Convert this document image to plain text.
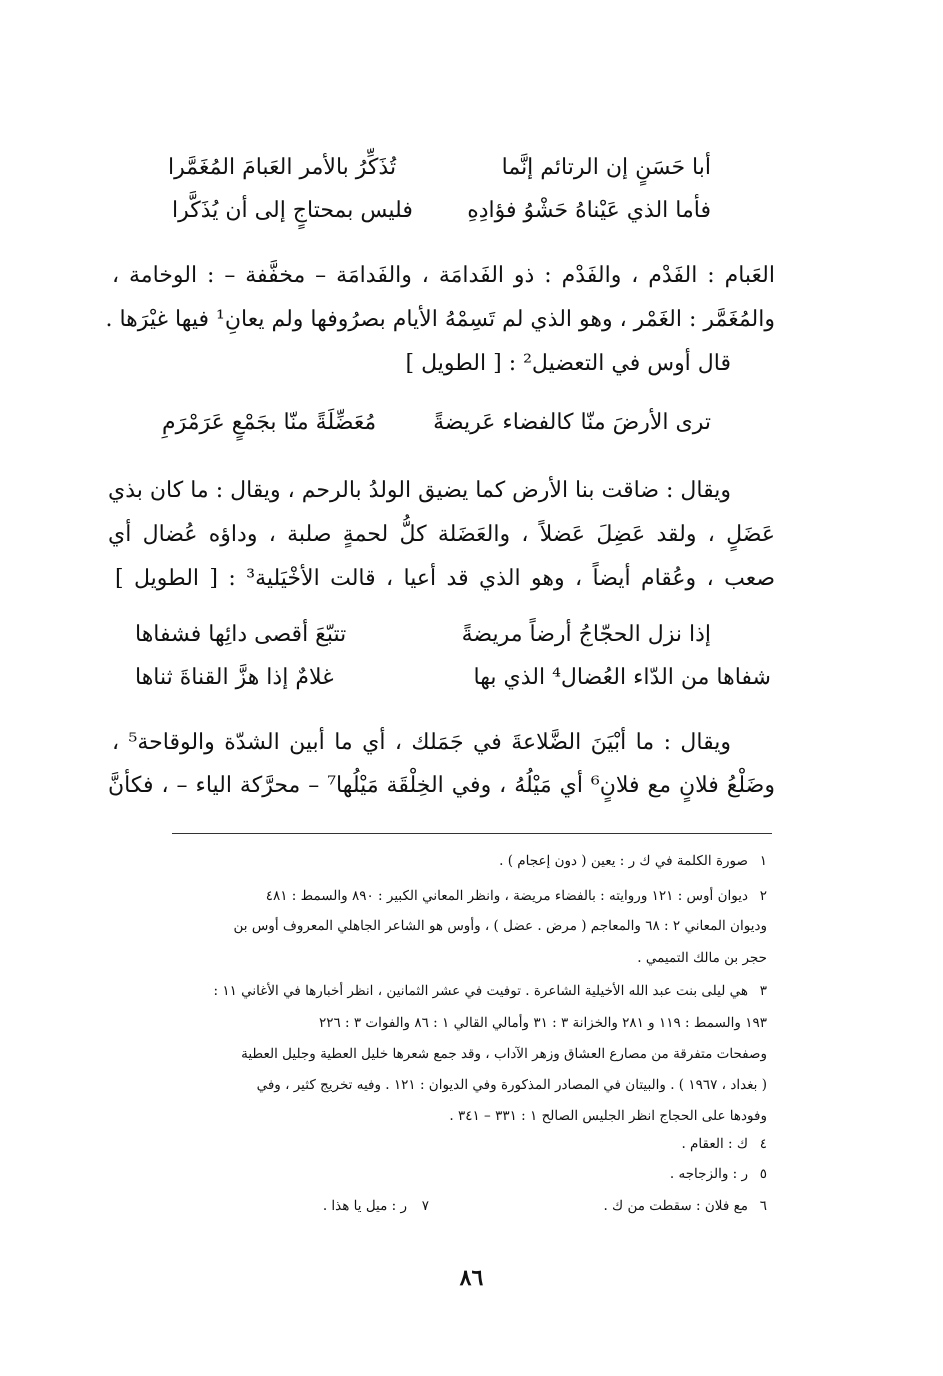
أبا حَسَنٍ إن الرتائم إنَّما
تُذَكِّرُ بالأمر العَبامَ المُغَمَّرا
فأما الذي عَيْناهُ حَشْوُ فؤادِهِ
فليس بمحتاجٍ إلى أن يُذَكَّرا
العَبام : الفَدْم ، والفَدْم : ذو الفَدامَة ، والفَدامَة – مخفَّفة – : الوخامة ،
والمُغَمَّر : الغَمْر ، وهو الذي لم تَسِمْهُ الأيام بصرُوفها ولم يعانِ¹ فيها غيْرَها .
قال أوس في التعضيل² : [ الطويل ]
ترى الأرضَ منّا كالفضاء عَريضةً
مُعَضِّلَةً منّا بجَمْعٍ عَرَمْرَمِ
ويقال : ضاقت بنا الأرض كما يضيق الولدُ بالرحم ، ويقال : ما كان بذي
عَضَلٍ ، ولقد عَضِلَ عَضلاً ، والعَضَلة كلُّ لحمةٍ صلبة ، وداؤه عُضال أي
صعب ، وعُقام أيضاً ، وهو الذي قد أعيا ، قالت الأخْيَلية³ : [ الطويل ]
إذا نزل الحجّاجُ أرضاً مريضةً
تتبّعَ أقصى دائِها فشفاها
شفاها من الدّاء العُضال⁴ الذي بها
غلامٌ إذا هزَّ القناةَ ثناها
ويقال : ما أبْيَنَ الضَّلاعةَ في جَمَلك ، أي ما أبين الشدّة والوقاحة⁵ ،
وضَلْعُ فلانٍ مع فلانٍ⁶ أي مَيْلُهُ ، وفي الخِلْقَة مَيْلُها⁷ – محرَّكة الياء – ، فكأنَّ
١
صورة الكلمة في ك ر : يعين ( دون إعجام ) .
٢
ديوان أوس : ١٢١ وروايته : بالفضاء مريضة ، وانظر المعاني الكبير : ٨٩٠ والسمط : ٤٨١
وديوان المعاني ٢ : ٦٨ والمعاجم ( مرض . عضل ) ، وأوس هو الشاعر الجاهلي المعروف أوس بن
حجر بن مالك التميمي .
٣
هي ليلى بنت عبد الله الأخيلية الشاعرة . توفيت في عشر الثمانين ، انظر أخبارها في الأغاني ١١ :
١٩٣ والسمط : ١١٩ و ٢٨١ والخزانة ٣ : ٣١ وأمالي القالي ١ : ٨٦ والفوات ٣ : ٢٢٦
وصفحات متفرقة من مصارع العشاق وزهر الآداب ، وقد جمع شعرها خليل العطية وجليل العطية
( بغداد ، ١٩٦٧ ) . والبيتان في المصادر المذكورة وفي الديوان : ١٢١ . وفيه تخريج كثير ، وفي
وفودها على الحجاج انظر الجليس الصالح ١ : ٣٣١ – ٣٤١ .
٤
ك : العقام .
٥
ر : والزجاجه .
٦
مع فلان : سقطت من ك .
٧
ر : ميل يا هذا .
٨٦
